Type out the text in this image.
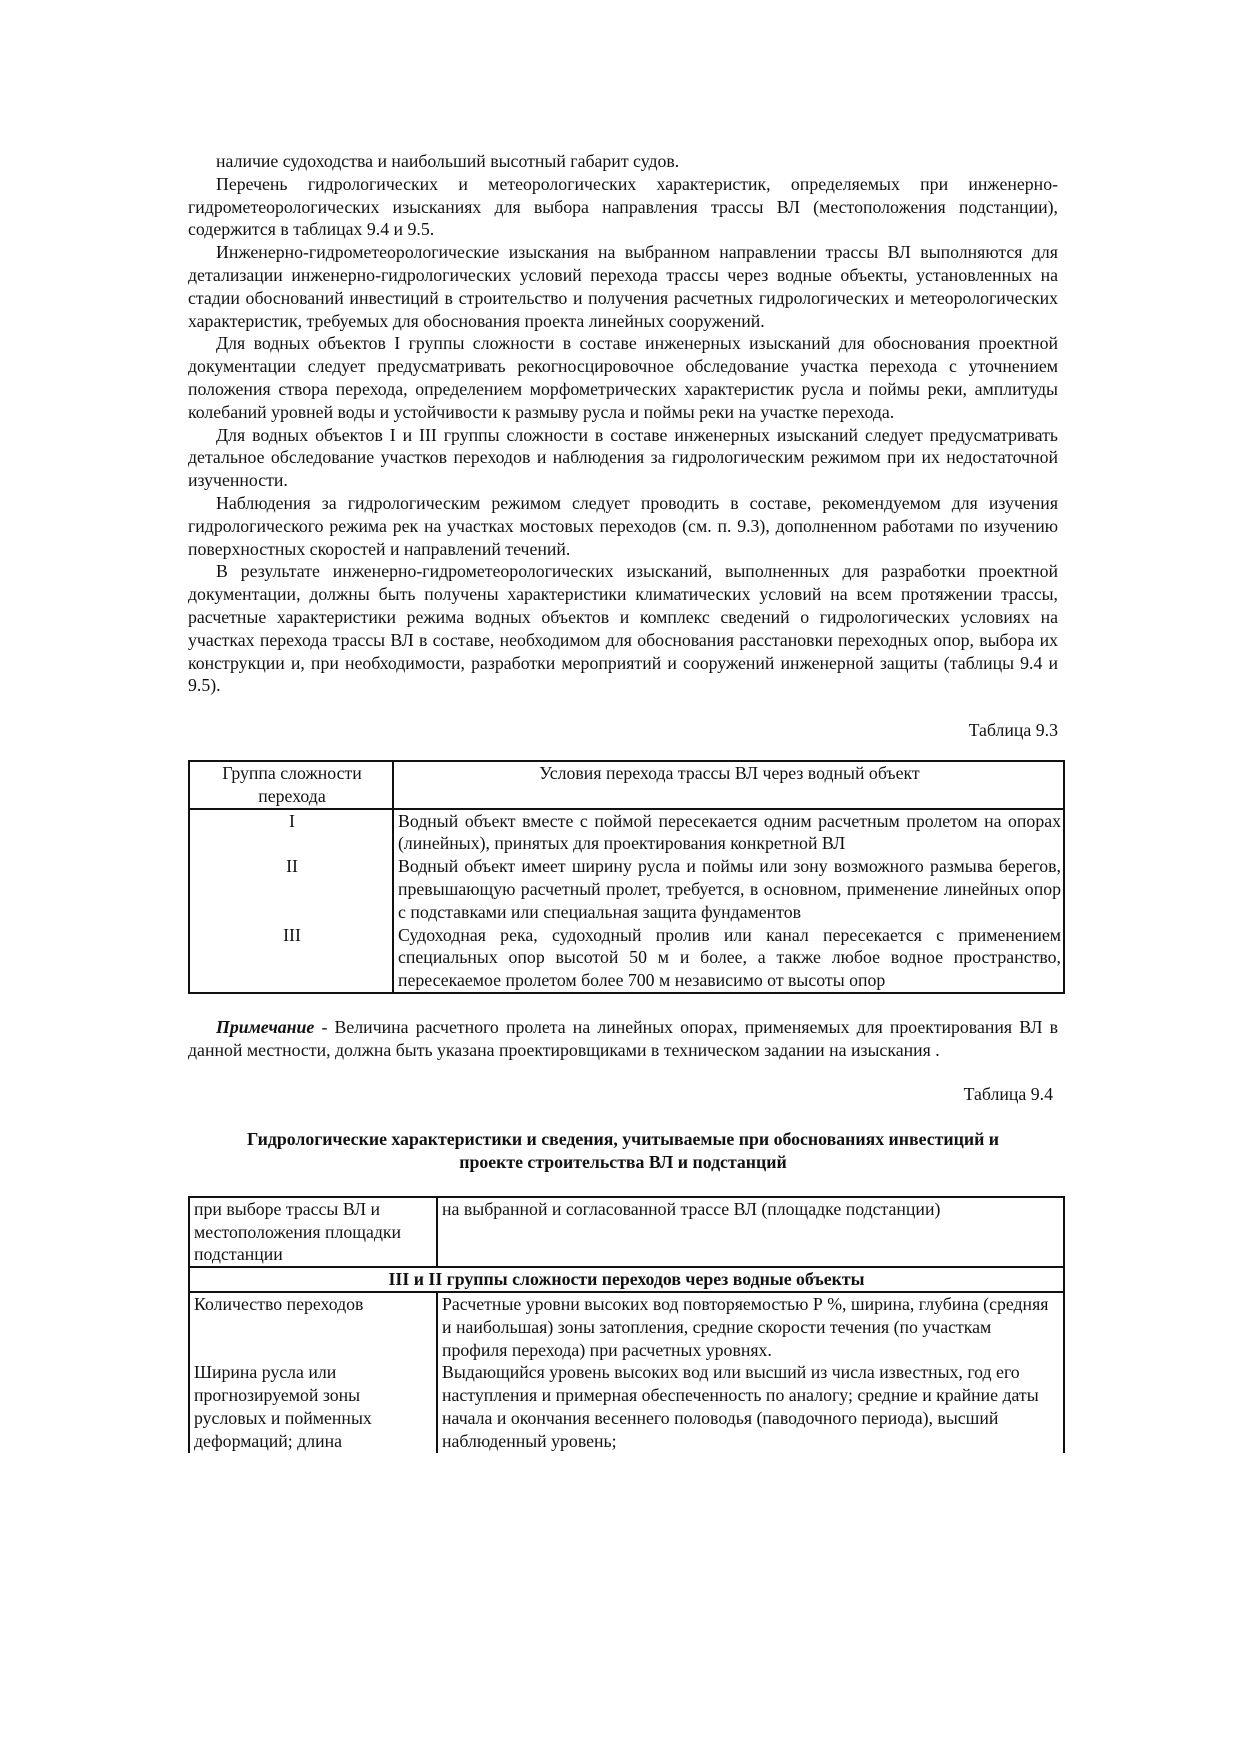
наличие судоходства и наибольший высотный габарит судов.

Перечень гидрологических и метеорологических характеристик, определяемых при инженерно-гидрометеорологических изысканиях для выбора направления трассы ВЛ (местоположения подстанции), содержится в таблицах 9.4 и 9.5.

Инженерно-гидрометеорологические изыскания на выбранном направлении трассы ВЛ выполняются для детализации инженерно-гидрологических условий перехода трассы через водные объекты, установленных на стадии обоснований инвестиций в строительство и получения расчетных гидрологических и метеорологических характеристик, требуемых для обоснования проекта линейных сооружений.

Для водных объектов I группы сложности в составе инженерных изысканий для обоснования проектной документации следует предусматривать рекогносцировочное обследование участка перехода с уточнением положения створа перехода, определением морфометрических характеристик русла и поймы реки, амплитуды колебаний уровней воды и устойчивости к размыву русла и поймы реки на участке перехода.

Для водных объектов I и III группы сложности в составе инженерных изысканий следует предусматривать детальное обследование участков переходов и наблюдения за гидрологическим режимом при их недостаточной изученности.

Наблюдения за гидрологическим режимом следует проводить в составе, рекомендуемом для изучения гидрологического режима рек на участках мостовых переходов (см. п. 9.3), дополненном работами по изучению поверхностных скоростей и направлений течений.

В результате инженерно-гидрометеорологических изысканий, выполненных для разработки проектной документации, должны быть получены характеристики климатических условий на всем протяжении трассы, расчетные характеристики режима водных объектов и комплекс сведений о гидрологических условиях на участках перехода трассы ВЛ в составе, необходимом для обоснования расстановки переходных опор, выбора их конструкции и, при необходимости, разработки мероприятий и сооружений инженерной защиты (таблицы 9.4 и 9.5).

Таблица 9.3

Группа сложности перехода	Условия перехода трассы ВЛ через водный объект
I	Водный объект вместе с поймой пересекается одним расчетным пролетом на опорах (линейных), принятых для проектирования конкретной ВЛ
II	Водный объект имеет ширину русла и поймы или зону возможного размыва берегов, превышающую расчетный пролет, требуется, в основном, применение линейных опор с подставками или специальная защита фундаментов
III	Судоходная река, судоходный пролив или канал пересекается с применением специальных опор высотой 50 м и более, а также любое водное пространство, пересекаемое пролетом более 700 м независимо от высоты опор

Примечание - Величина расчетного пролета на линейных опорах, применяемых для проектирования ВЛ в данной местности, должна быть указана проектировщиками в техническом задании на изыскания .

Таблица 9.4

Гидрологические характеристики и сведения, учитываемые при обоснованиях инвестиций и проекте строительства ВЛ и подстанций

при выборе трассы ВЛ и местоположения площадки подстанции	на выбранной и согласованной трассе ВЛ (площадке подстанции)
III и II группы сложности переходов через водные объекты	
Количество переходов	Расчетные уровни высоких вод повторяемостью Р %, ширина, глубина (средняя и наибольшая) зоны затопления, средние скорости течения (по участкам профиля перехода) при расчетных уровнях.
Ширина русла или прогнозируемой зоны русловых и пойменных деформаций; длина	Выдающийся уровень высоких вод или высший из числа известных, год его наступления и примерная обеспеченность по аналогу; средние и крайние даты начала и окончания весеннего половодья (паводочного периода), высший наблюденный уровень;
